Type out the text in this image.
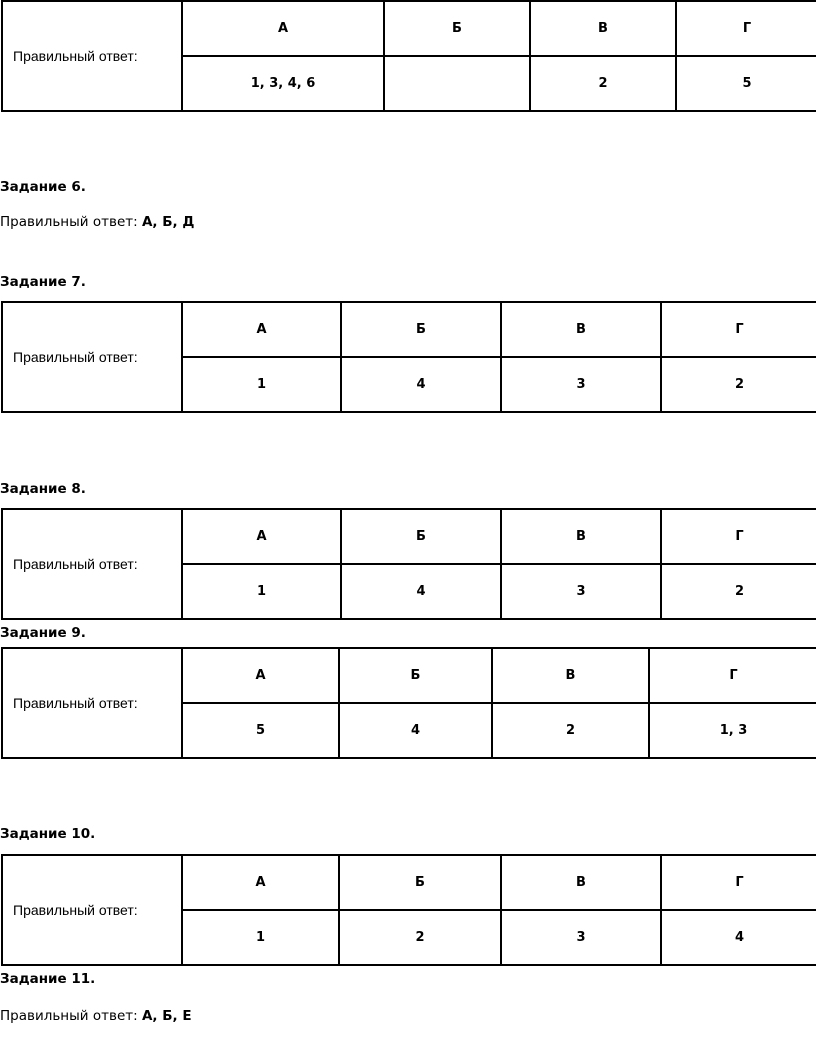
Правильный ответ:	А	Б	В	Г
	1, 3, 4, 6		2	5

Задание 6.

Правильный ответ: А, Б, Д

Задание 7.

Правильный ответ:	А	Б	В	Г
	1	4	3	2

Задание 8.

Правильный ответ:	А	Б	В	Г
	1	4	3	2

Задание 9.

Правильный ответ:	А	Б	В	Г
	5	4	2	1, 3

Задание 10.

Правильный ответ:	А	Б	В	Г
	1	2	3	4

Задание 11.

Правильный ответ: А, Б, Е
